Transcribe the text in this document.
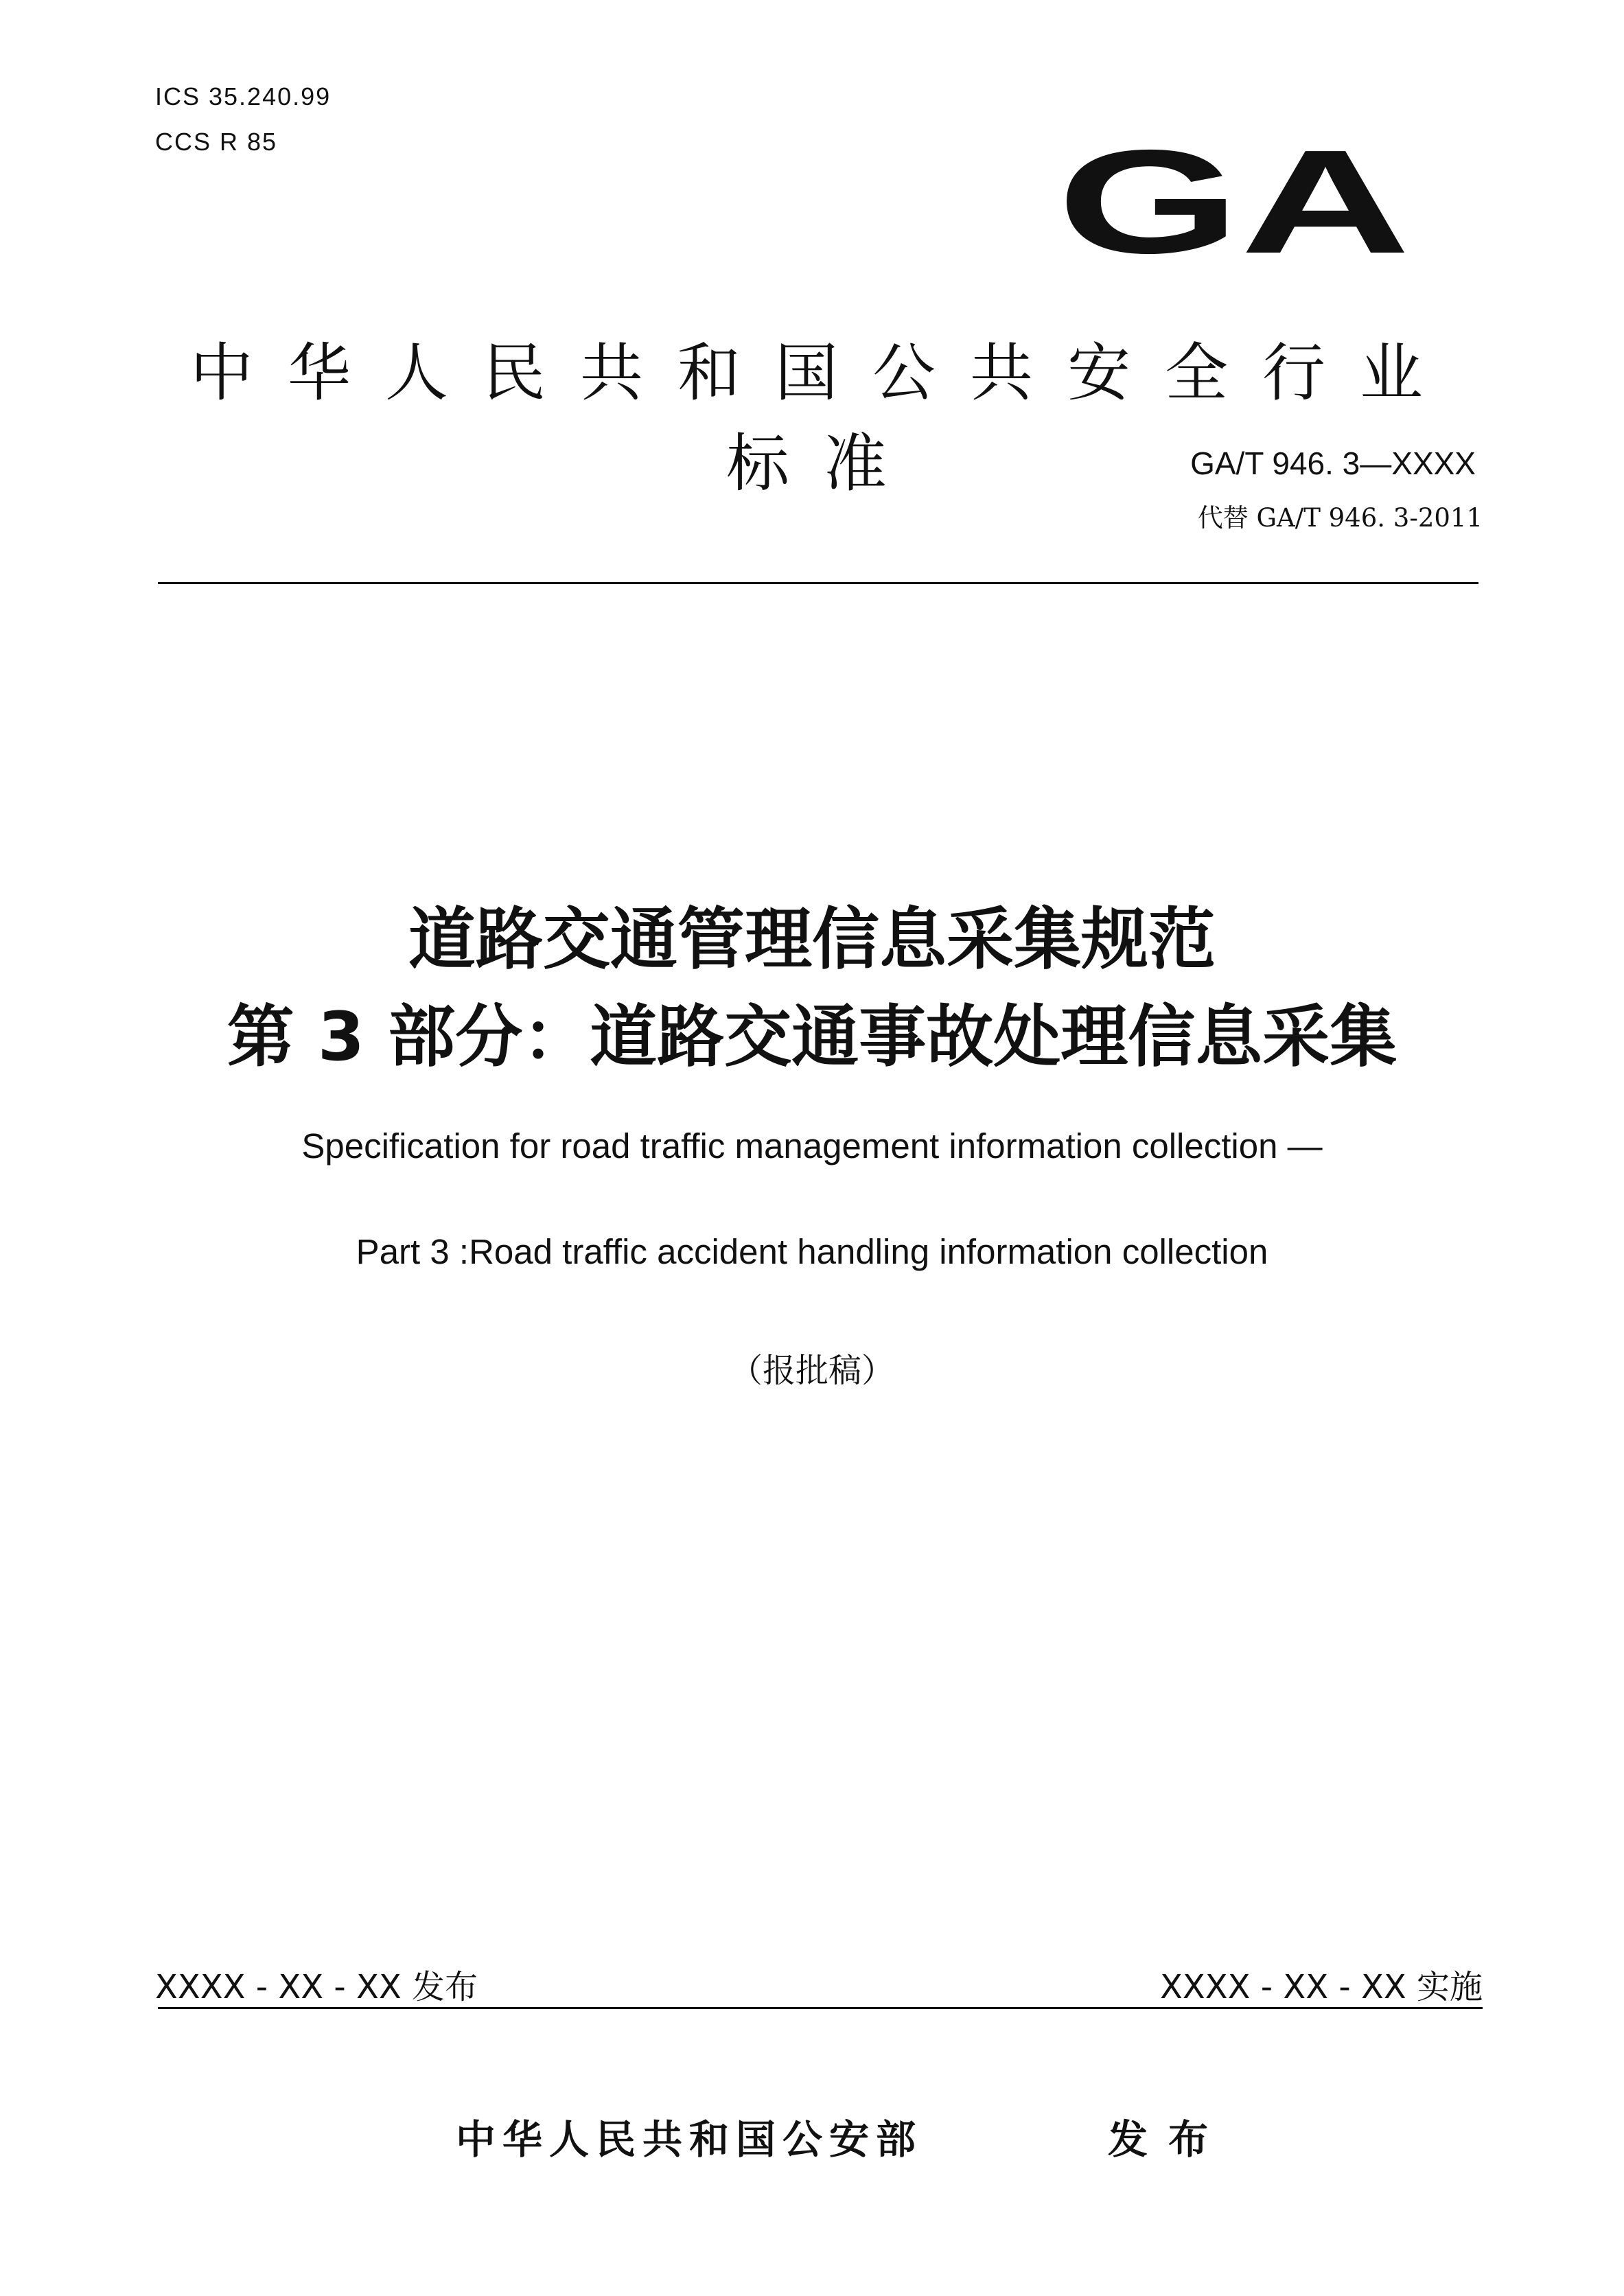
ICS 35.240.99

CCS R 85	GA

中华人民共和国公共安全行业标准	GA/T 946. 3—XXXX

代替 GA/T 946. 3-2011

道路交通管理信息采集规范

第 3 部分：道路交通事故处理信息采集

Specification for road traffic management information collection —

Part 3 :Road traffic accident handling information collection

（报批稿）

XXXX - XX - XX 发布	XXXX - XX - XX 实施

中华人民共和国公安部	发布
